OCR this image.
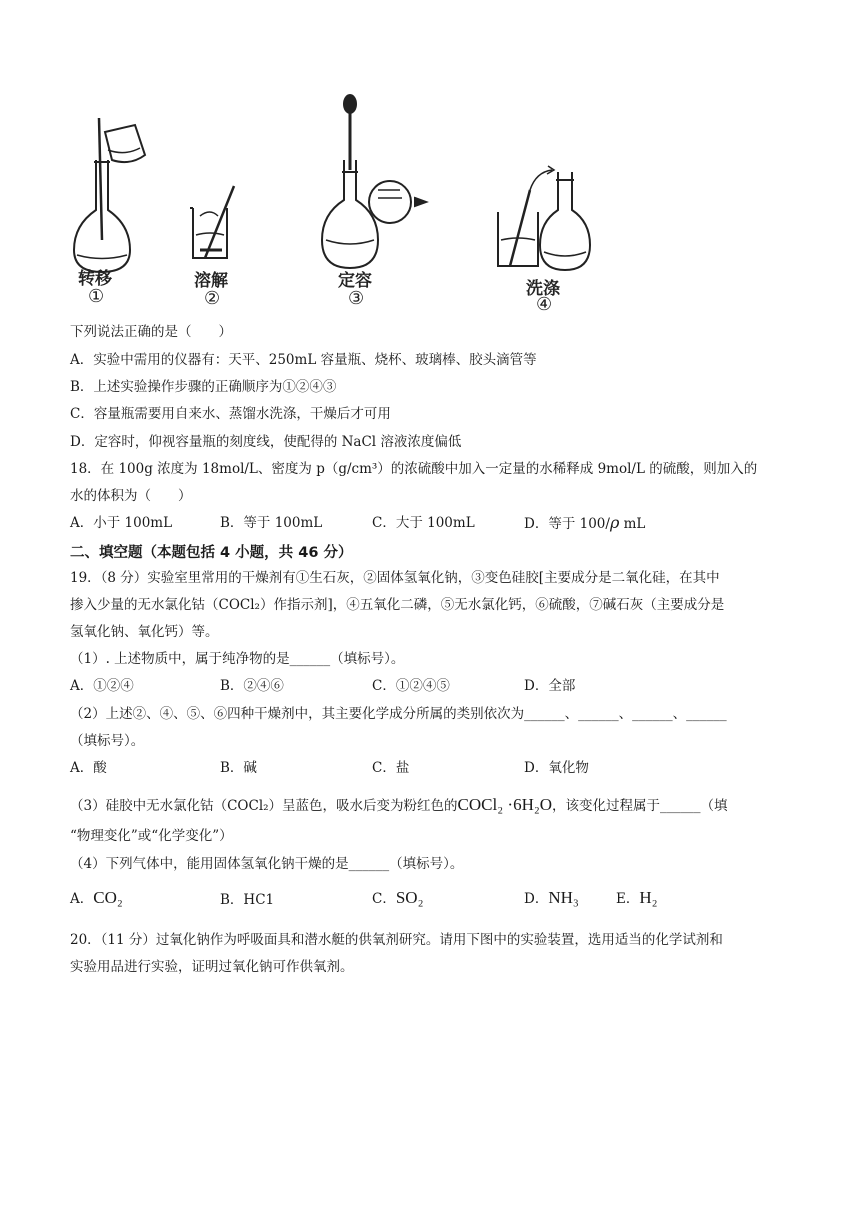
转移
①
溶解
②
定容
③	洗涤
④
下列说法正确的是（　　）
A．实验中需用的仪器有：天平、250mL 容量瓶、烧杯、玻璃棒、胶头滴管等
B．上述实验操作步骤的正确顺序为①②④③
C．容量瓶需要用自来水、蒸馏水洗涤，干燥后才可用
D．定容时，仰视容量瓶的刻度线，使配得的 NaCl 溶液浓度偏低
18．在 100g 浓度为 18mol/L、密度为 p（g/cm³）的浓硫酸中加入一定量的水稀释成 9mol/L 的硫酸，则加入的
水的体积为（　　）
A．小于 100mL	B．等于 100mL	C．大于 100mL	D．等于 100/ρ mL
二、填空题（本题包括 4 小题，共 46 分）
19．（8 分）实验室里常用的干燥剂有①生石灰，②固体氢氧化钠，③变色硅胶[主要成分是二氧化硅，在其中
掺入少量的无水氯化钴（COCl₂）作指示剂]，④五氧化二磷，⑤无水氯化钙，⑥硫酸，⑦碱石灰（主要成分是
氢氧化钠、氧化钙）等。
（1）. 上述物质中，属于纯净物的是______（填标号）。
A．①②④	B．②④⑥	C．①②④⑤	D．全部
（2）上述②、④、⑤、⑥四种干燥剂中，其主要化学成分所属的类别依次为______、______、______、______
（填标号）。
A．酸	B．碱	C．盐	D．氧化物
（3）硅胶中无水氯化钴（COCl₂）呈蓝色，吸水后变为粉红色的COCl₂ ·6H₂O，该变化过程属于______（填
“物理变化”或“化学变化”）
（4）下列气体中，能用固体氢氧化钠干燥的是______（填标号）。
A．CO₂	B．HC1	C．SO₂	D．NH₃	E．H₂
20．（11 分）过氧化钠作为呼吸面具和潜水艇的供氧剂研究。请用下图中的实验装置，选用适当的化学试剂和
实验用品进行实验，证明过氧化钠可作供氧剂。
